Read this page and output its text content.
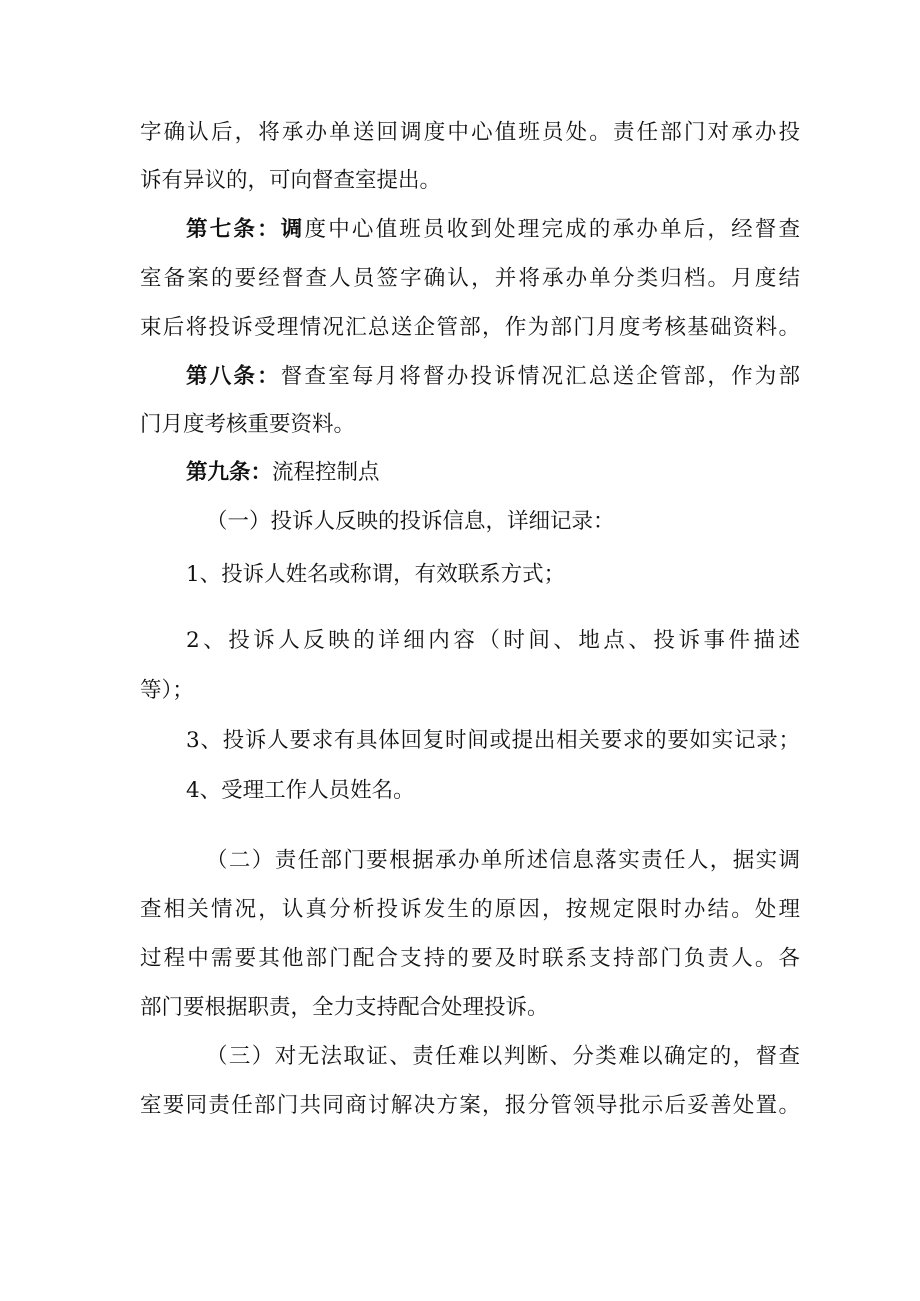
字确认后，将承办单送回调度中心值班员处。责任部门对承办投
诉有异议的，可向督查室提出。
第七条：调度中心值班员收到处理完成的承办单后，经督查
室备案的要经督查人员签字确认，并将承办单分类归档。月度结
束后将投诉受理情况汇总送企管部，作为部门月度考核基础资料。
第八条：督查室每月将督办投诉情况汇总送企管部，作为部
门月度考核重要资料。
第九条：流程控制点
（一）投诉人反映的投诉信息，详细记录：
1、投诉人姓名或称谓，有效联系方式；
2、投诉人反映的详细内容（时间、地点、投诉事件描述
等）；
3、投诉人要求有具体回复时间或提出相关要求的要如实记录；
4、受理工作人员姓名。
（二）责任部门要根据承办单所述信息落实责任人，据实调
查相关情况，认真分析投诉发生的原因，按规定限时办结。处理
过程中需要其他部门配合支持的要及时联系支持部门负责人。各
部门要根据职责，全力支持配合处理投诉。
（三）对无法取证、责任难以判断、分类难以确定的，督查
室要同责任部门共同商讨解决方案，报分管领导批示后妥善处置。
